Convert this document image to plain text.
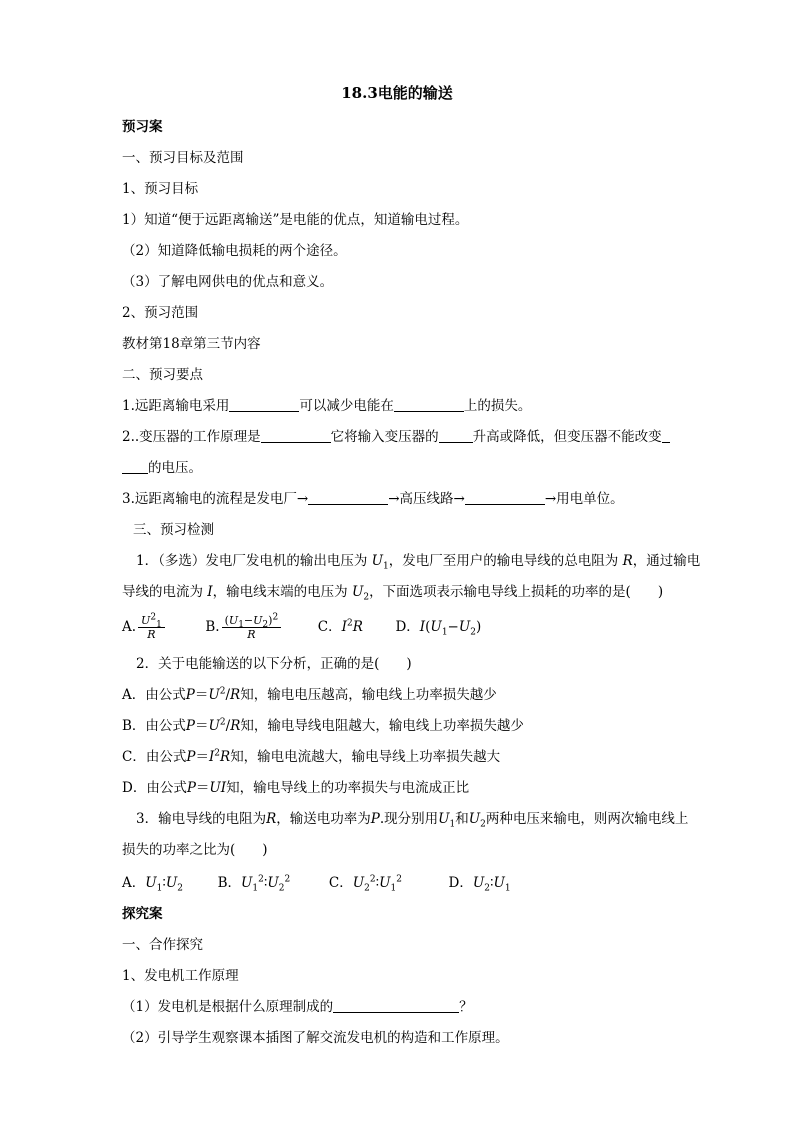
18.3电能的输送
预习案
一、预习目标及范围
1、预习目标
1）知道“便于远距离输送”是电能的优点，知道输电过程。
（2）知道降低输电损耗的两个途径。
（3）了解电网供电的优点和意义。
2、预习范围
教材第18章第三节内容
二、预习要点
1.远距离输电采用	可以减少电能在	上的损失。
2..变压器的工作原理是	它将输入变压器的	升高或降低，但变压器不能改变
的电压。
3.远距离输电的流程是发电厂→	→高压线路→	→用电单位。
三、预习检测
1．（多选）发电厂发电机的输出电压为 $U_1$，发电厂至用户的输电导线的总电阻为 R，通过输电
导线的电流为 I，输电线末端的电压为 $U_2$，下面选项表示输电导线上损耗的功率的是(　　)
A. $\frac{U^2_1}{R}$	B. $\frac{(U_1-U_2)^2}{R}$	C．$I^2R$ D．$I(U_1-U_2)$
2．关于电能输送的以下分析，正确的是(　　)
A．由公式$P=U^2/R$知，输电电压越高，输电线上功率损失越少
B．由公式$P=U^2/R$知，输电导线电阻越大，输电线上功率损失越少
C．由公式$P=I^2R$知，输电电流越大，输电导线上功率损失越大
D．由公式P＝UI知，输电导线上的功率损失与电流成正比
3．输电导线的电阻为R，输送电功率为P.现分别用$U_1$和$U_2$两种电压来输电，则两次输电线上
损失的功率之比为(　　)
A．$U_1∶U_2$	B．$U_1^2∶U_2^2$	C．$U_2^2∶U_1^2$	D．$U_2∶U_1$
探究案
一、合作探究
1、发电机工作原理
（1）发电机是根据什么原理制成的	？
（2）引导学生观察课本插图了解交流发电机的构造和工作原理。
